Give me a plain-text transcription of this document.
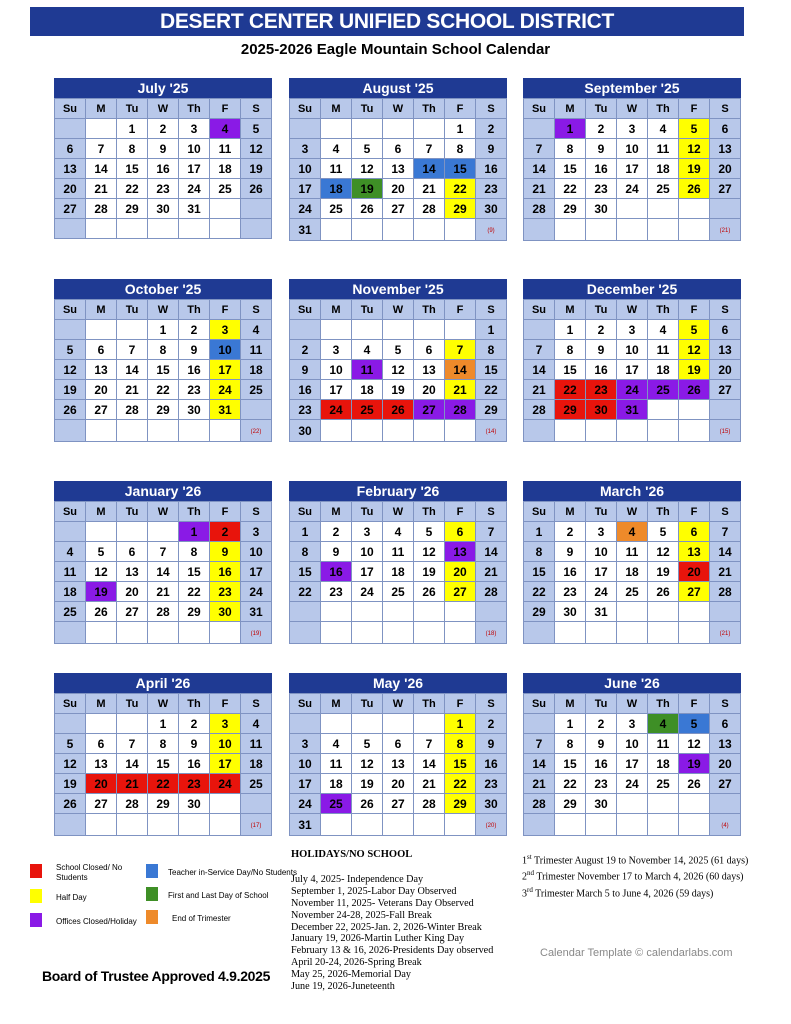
DESERT CENTER UNIFIED SCHOOL DISTRICT
2025-2026 Eagle Mountain School Calendar
July '25
Su	M	Tu	W	Th	F	S
		1	2	3	4	5
6	7	8	9	10	11	12
13	14	15	16	17	18	19
20	21	22	23	24	25	26
27	28	29	30	31		

August '25
Su	M	Tu	W	Th	F	S
					1	2
3	4	5	6	7	8	9
10	11	12	13	14	15	16
17	18	19	20	21	22	23
24	25	26	27	28	29	30
31						(9)
September '25
Su	M	Tu	W	Th	F	S
	1	2	3	4	5	6
7	8	9	10	11	12	13
14	15	16	17	18	19	20
21	22	23	24	25	26	27
28	29	30				
						(21)
October '25
Su	M	Tu	W	Th	F	S
			1	2	3	4
5	6	7	8	9	10	11
12	13	14	15	16	17	18
19	20	21	22	23	24	25
26	27	28	29	30	31	
						(22)
November '25
Su	M	Tu	W	Th	F	S
						1
2	3	4	5	6	7	8
9	10	11	12	13	14	15
16	17	18	19	20	21	22
23	24	25	26	27	28	29
30						(14)
December '25
Su	M	Tu	W	Th	F	S
	1	2	3	4	5	6
7	8	9	10	11	12	13
14	15	16	17	18	19	20
21	22	23	24	25	26	27
28	29	30	31			
						(15)
January '26
Su	M	Tu	W	Th	F	S
				1	2	3
4	5	6	7	8	9	10
11	12	13	14	15	16	17
18	19	20	21	22	23	24
25	26	27	28	29	30	31
						(19)
February '26
Su	M	Tu	W	Th	F	S
1	2	3	4	5	6	7
8	9	10	11	12	13	14
15	16	17	18	19	20	21
22	23	24	25	26	27	28

						(18)
March '26
Su	M	Tu	W	Th	F	S
1	2	3	4	5	6	7
8	9	10	11	12	13	14
15	16	17	18	19	20	21
22	23	24	25	26	27	28
29	30	31				
						(21)
April '26
Su	M	Tu	W	Th	F	S
			1	2	3	4
5	6	7	8	9	10	11
12	13	14	15	16	17	18
19	20	21	22	23	24	25
26	27	28	29	30		
						(17)
May '26
Su	M	Tu	W	Th	F	S
					1	2
3	4	5	6	7	8	9
10	11	12	13	14	15	16
17	18	19	20	21	22	23
24	25	26	27	28	29	30
31						(20)
June '26
Su	M	Tu	W	Th	F	S
	1	2	3	4	5	6
7	8	9	10	11	12	13
14	15	16	17	18	19	20
21	22	23	24	25	26	27
28	29	30				
						(4)
School Closed/ No Students
Half Day
Offices Closed/Holiday
Teacher in-Service Day/No Students
First and Last Day of School
End of Trimester
HOLIDAYS/NO SCHOOL
July 4, 2025- Independence Day
September 1, 2025-Labor Day Observed
November 11, 2025- Veterans Day Observed
November 24-28, 2025-Fall Break
December 22, 2025-Jan. 2, 2026-Winter Break
January 19, 2026-Martin Luther King Day
February 13 & 16, 2026-Presidents Day observed
April 20-24, 2026-Spring Break
May 25, 2026-Memorial Day
June 19, 2026-Juneteenth
1st Trimester August 19 to November 14, 2025 (61 days)
2nd Trimester November 17 to March 4, 2026 (60 days)
3rd Trimester March 5 to June 4, 2026 (59 days)
Calendar Template © calendarlabs.com
Board of Trustee Approved 4.9.2025
